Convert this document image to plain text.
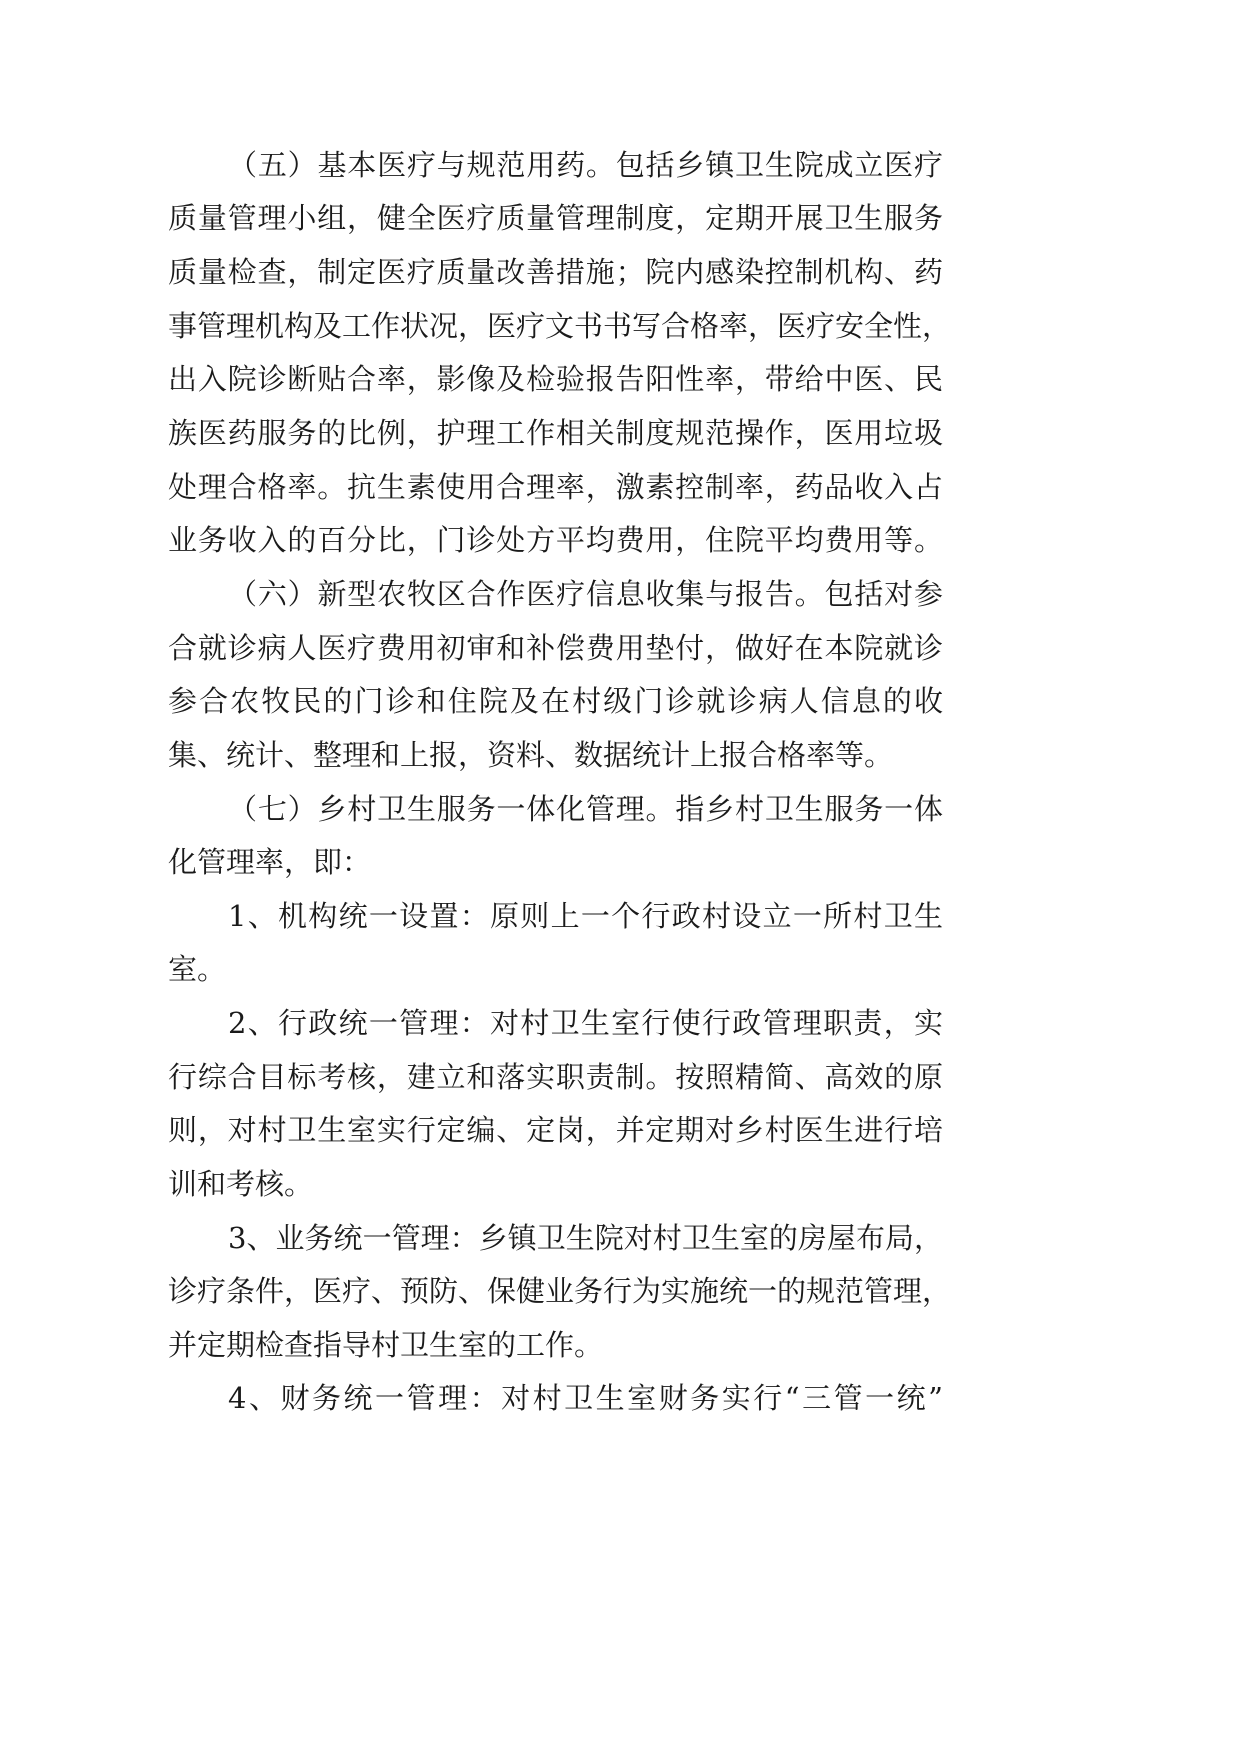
（五）基本医疗与规范用药。包括乡镇卫生院成立医疗
质量管理小组，健全医疗质量管理制度，定期开展卫生服务
质量检查，制定医疗质量改善措施；院内感染控制机构、药
事管理机构及工作状况，医疗文书书写合格率，医疗安全性，
出入院诊断贴合率，影像及检验报告阳性率，带给中医、民
族医药服务的比例，护理工作相关制度规范操作，医用垃圾
处理合格率。抗生素使用合理率，激素控制率，药品收入占
业务收入的百分比，门诊处方平均费用，住院平均费用等。
（六）新型农牧区合作医疗信息收集与报告。包括对参
合就诊病人医疗费用初审和补偿费用垫付，做好在本院就诊
参合农牧民的门诊和住院及在村级门诊就诊病人信息的收
集、统计、整理和上报，资料、数据统计上报合格率等。
（七）乡村卫生服务一体化管理。指乡村卫生服务一体
化管理率，即：
1、机构统一设置：原则上一个行政村设立一所村卫生
室。
2、行政统一管理：对村卫生室行使行政管理职责，实
行综合目标考核，建立和落实职责制。按照精简、高效的原
则，对村卫生室实行定编、定岗，并定期对乡村医生进行培
训和考核。
3、业务统一管理：乡镇卫生院对村卫生室的房屋布局，
诊疗条件，医疗、预防、保健业务行为实施统一的规范管理，
并定期检查指导村卫生室的工作。
4、财务统一管理：对村卫生室财务实行“三管一统”
